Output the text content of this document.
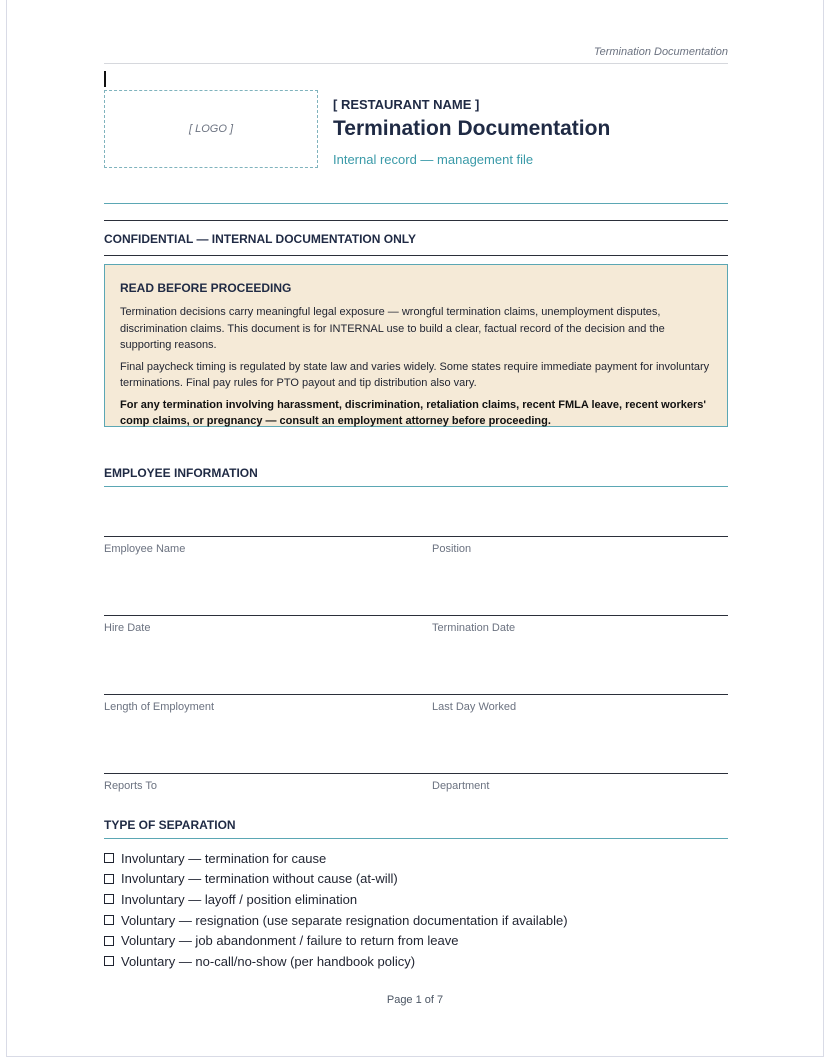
Termination Documentation
[ LOGO ]
[ RESTAURANT NAME ]
Termination Documentation
Internal record — management file
CONFIDENTIAL — INTERNAL DOCUMENTATION ONLY
READ BEFORE PROCEEDING

Termination decisions carry meaningful legal exposure — wrongful termination claims, unemployment disputes, discrimination claims. This document is for INTERNAL use to build a clear, factual record of the decision and the supporting reasons.

Final paycheck timing is regulated by state law and varies widely. Some states require immediate payment for involuntary terminations. Final pay rules for PTO payout and tip distribution also vary.

For any termination involving harassment, discrimination, retaliation claims, recent FMLA leave, recent workers' comp claims, or pregnancy — consult an employment attorney before proceeding.

EMPLOYEE INFORMATION
Employee Name	Position
Hire Date	Termination Date
Length of Employment	Last Day Worked
Reports To	Department
TYPE OF SEPARATION
Involuntary — termination for cause
Involuntary — termination without cause (at-will)
Involuntary — layoff / position elimination
Voluntary — resignation (use separate resignation documentation if available)
Voluntary — job abandonment / failure to return from leave
Voluntary — no-call/no-show (per handbook policy)
Page 1 of 7
